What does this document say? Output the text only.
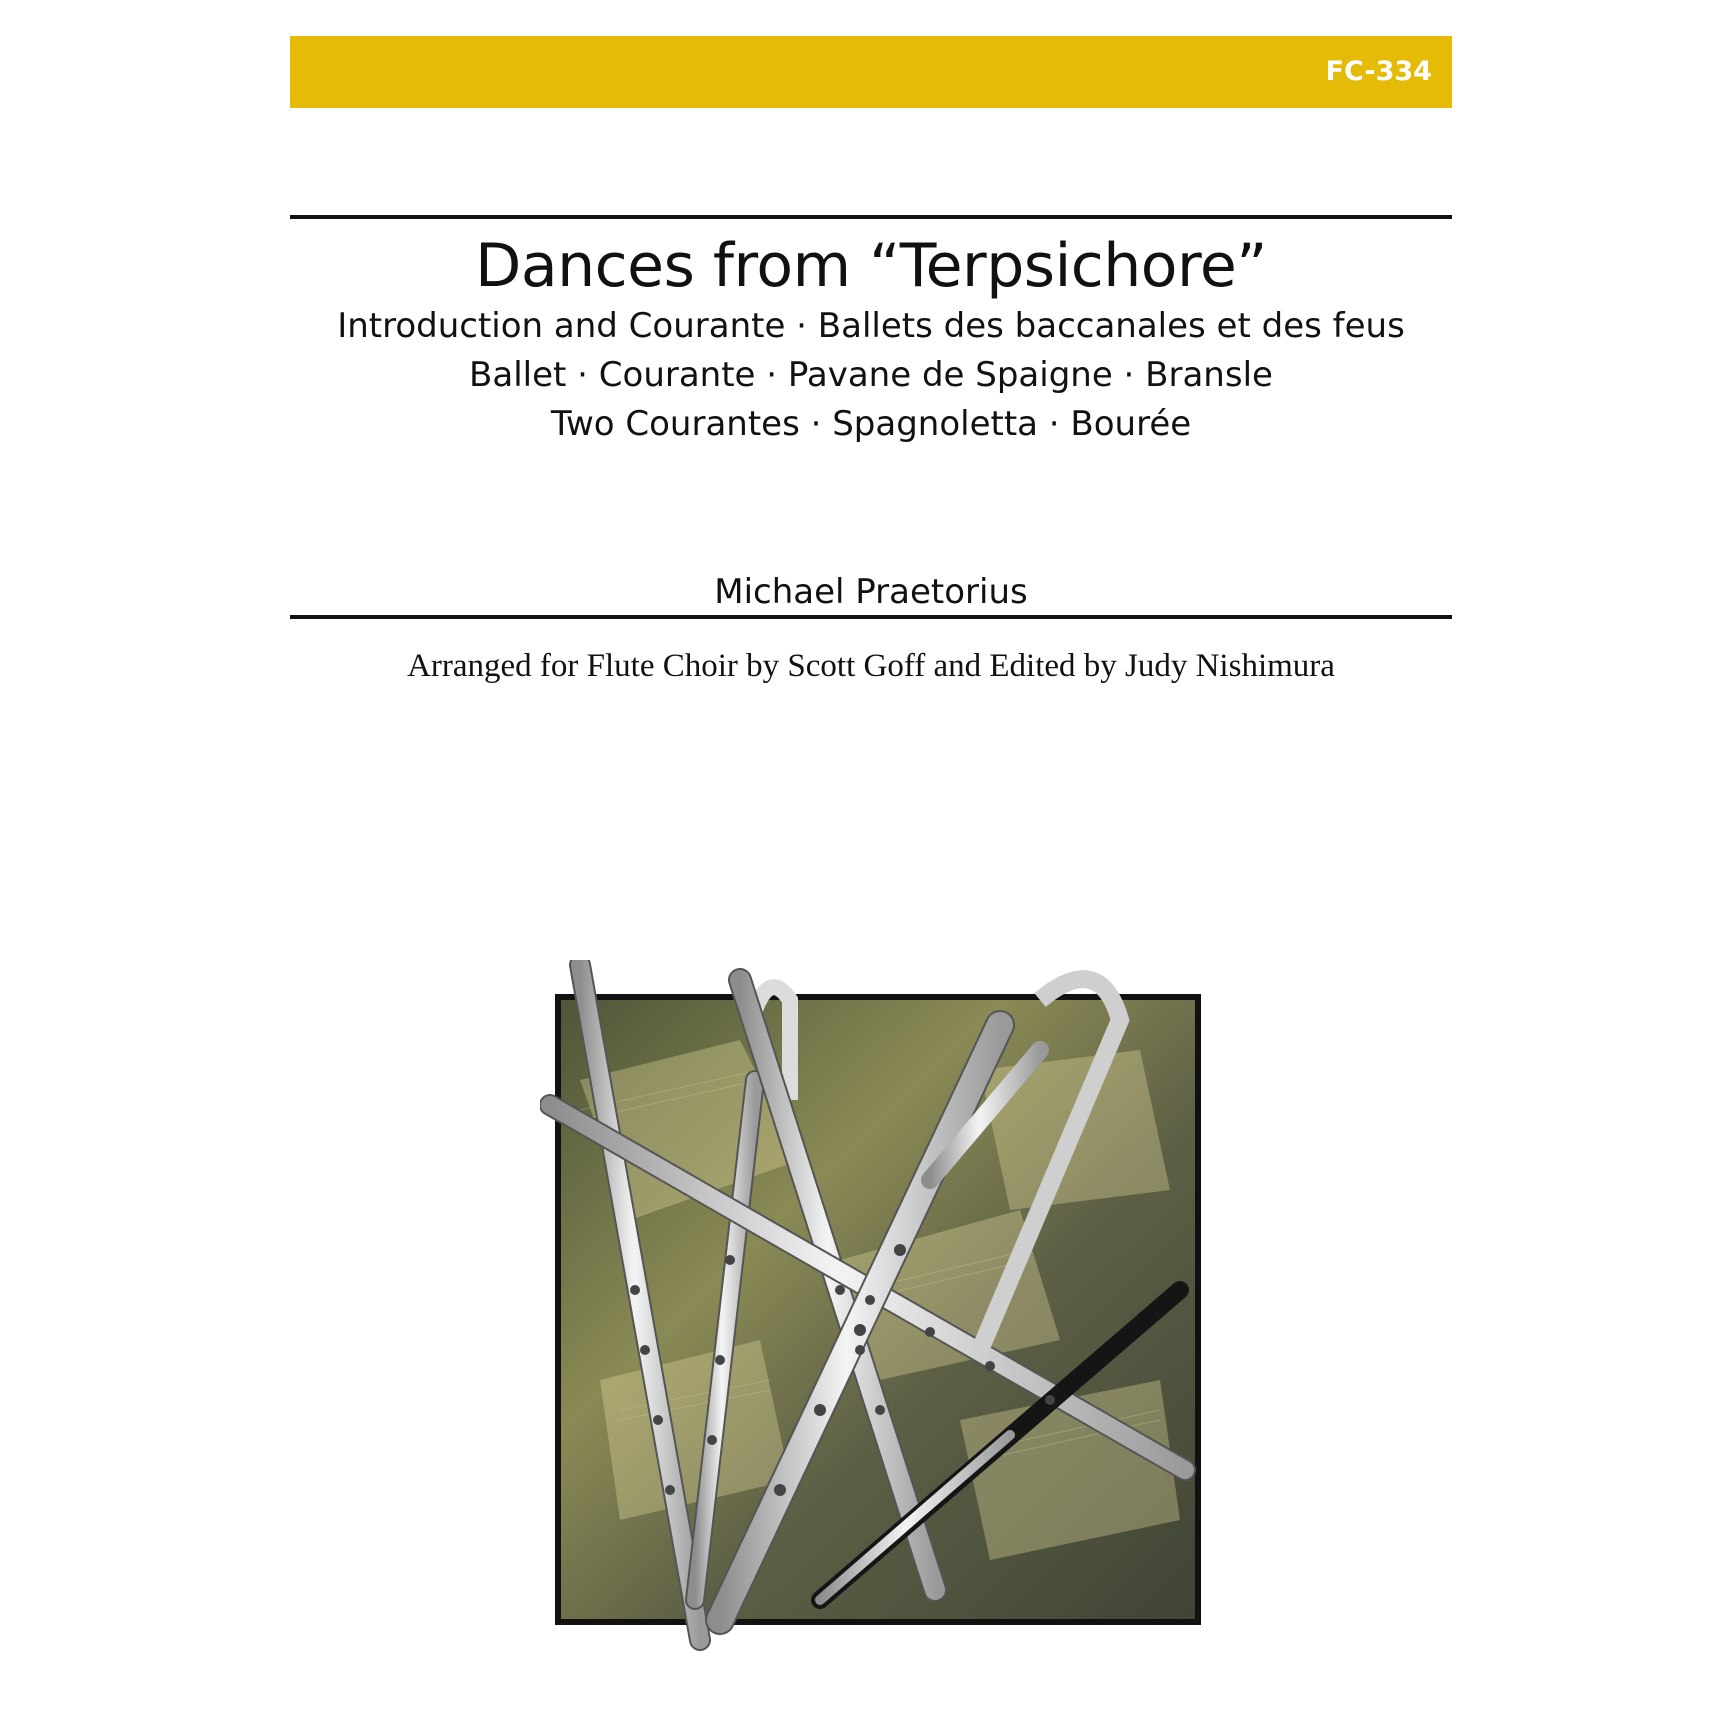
FC-334
Dances from “Terpsichore”
Introduction and Courante · Ballets des baccanales et des feus
Ballet · Courante · Pavane de Spaigne · Bransle
Two Courantes · Spagnoletta · Bourée
Michael Praetorius
Arranged for Flute Choir by Scott Goff and Edited by Judy Nishimura
